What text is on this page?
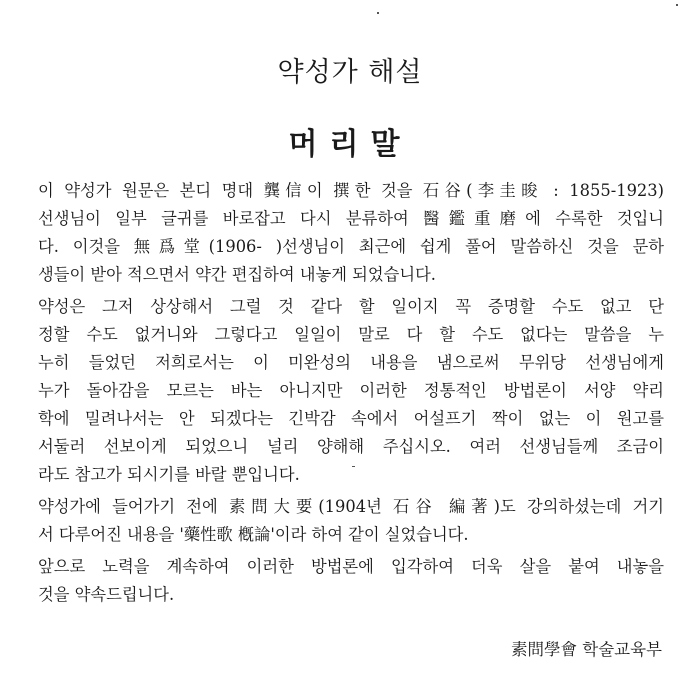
약성가 해설
머리말
이 약성가 원문은 본디 명대 龔信이 撰한 것을 石谷(李圭晙 : 1855-1923)
선생님이 일부 글귀를 바로잡고 다시 분류하여 醫鑑重磨에 수록한 것입니
다. 이것을 無爲堂(1906- )선생님이 최근에 쉽게 풀어 말씀하신 것을 문하
생들이 받아 적으면서 약간 편집하여 내놓게 되었습니다.
약성은 그저 상상해서 그럴 것 같다 할 일이지 꼭 증명할 수도 없고 단
정할 수도 없거니와 그렇다고 일일이 말로 다 할 수도 없다는 말씀을 누
누히 들었던 저희로서는 이 미완성의 내용을 냄으로써 무위당 선생님에게
누가 돌아감을 모르는 바는 아니지만 이러한 정통적인 방법론이 서양 약리
학에 밀려나서는 안 되겠다는 긴박감 속에서 어설프기 짝이 없는 이 원고를
서둘러 선보이게 되었으니 널리 양해해 주십시오. 여러 선생님들께 조금이
라도 참고가 되시기를 바랄 뿐입니다.
약성가에 들어가기 전에 素問大要(1904년 石谷 編著)도 강의하셨는데 거기
서 다루어진 내용을 '藥性歌 槪論'이라 하여 같이 실었습니다.
앞으로 노력을 계속하여 이러한 방법론에 입각하여 더욱 살을 붙여 내놓을
것을 약속드립니다.
素問學會 학술교육부
